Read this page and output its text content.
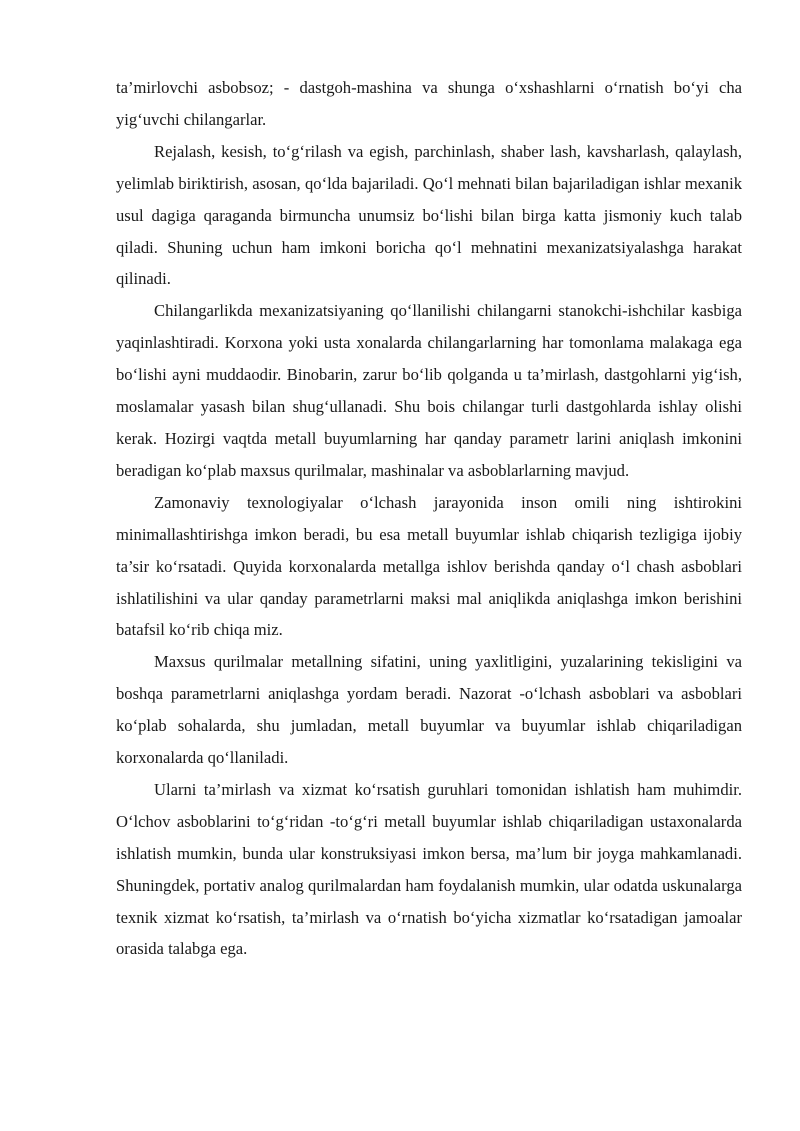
ta’mirlovchi asbobsoz; - dastgoh-mashina va shunga o‘xshashlarni o‘rnatish bo‘yi cha yig‘uvchi chilangarlar.

Rejalash, kesish, to‘g‘rilash va egish, parchinlash, shaber lash, kavsharlash, qalaylash, yelimlab biriktirish, asosan, qo‘lda bajariladi. Qo‘l mehnati bilan bajariladigan ishlar mexanik usul dagiga qaraganda birmuncha unumsiz bo‘lishi bilan birga katta jismoniy kuch talab qiladi. Shuning uchun ham imkoni boricha qo‘l mehnatini mexanizatsiyalashga harakat qilinadi.

Chilangarlikda mexanizatsiyaning qo‘llanilishi chilangarni stanokchi-ishchilar kasbiga yaqinlashtiradi. Korxona yoki usta xonalarda chilangarlarning har tomonlama malakaga ega bo‘lishi ayni muddaodir. Binobarin, zarur bo‘lib qolganda u ta’mirlash, dastgohlarni yig‘ish, moslamalar yasash bilan shug‘ullanadi. Shu bois chilangar turli dastgohlarda ishlay olishi kerak. Hozirgi vaqtda metall buyumlarning har qanday parametr larini aniqlash imkonini beradigan ko‘plab maxsus qurilmalar, mashinalar va asboblarlarning mavjud.

Zamonaviy texnologiyalar o‘lchash jarayonida inson omili ning ishtirokini minimallashtirishga imkon beradi, bu esa metall buyumlar ishlab chiqarish tezligiga ijobiy ta’sir ko‘rsatadi. Quyida korxonalarda metallga ishlov berishda qanday o‘l chash asboblari ishlatilishini va ular qanday parametrlarni maksi mal aniqlikda aniqlashga imkon berishini batafsil ko‘rib chiqa miz.

Maxsus qurilmalar metallning sifatini, uning yaxlitligini, yuzalarining tekisligini va boshqa parametrlarni aniqlashga yordam beradi. Nazorat -o‘lchash asboblari va asboblari ko‘plab sohalarda, shu jumladan, metall buyumlar va buyumlar ishlab chiqariladigan korxonalarda qo‘llaniladi.

Ularni ta’mirlash va xizmat ko‘rsatish guruhlari tomonidan ishlatish ham muhimdir. O‘lchov asboblarini to‘g‘ridan -to‘g‘ri metall buyumlar ishlab chiqariladigan ustaxonalarda ishlatish mumkin, bunda ular konstruksiyasi imkon bersa, ma’lum bir joyga mahkamlanadi. Shuningdek, portativ analog qurilmalardan ham foydalanish mumkin, ular odatda uskunalarga texnik xizmat ko‘rsatish, ta’mirlash va o‘rnatish bo‘yicha xizmatlar ko‘rsatadigan jamoalar orasida talabga ega.
